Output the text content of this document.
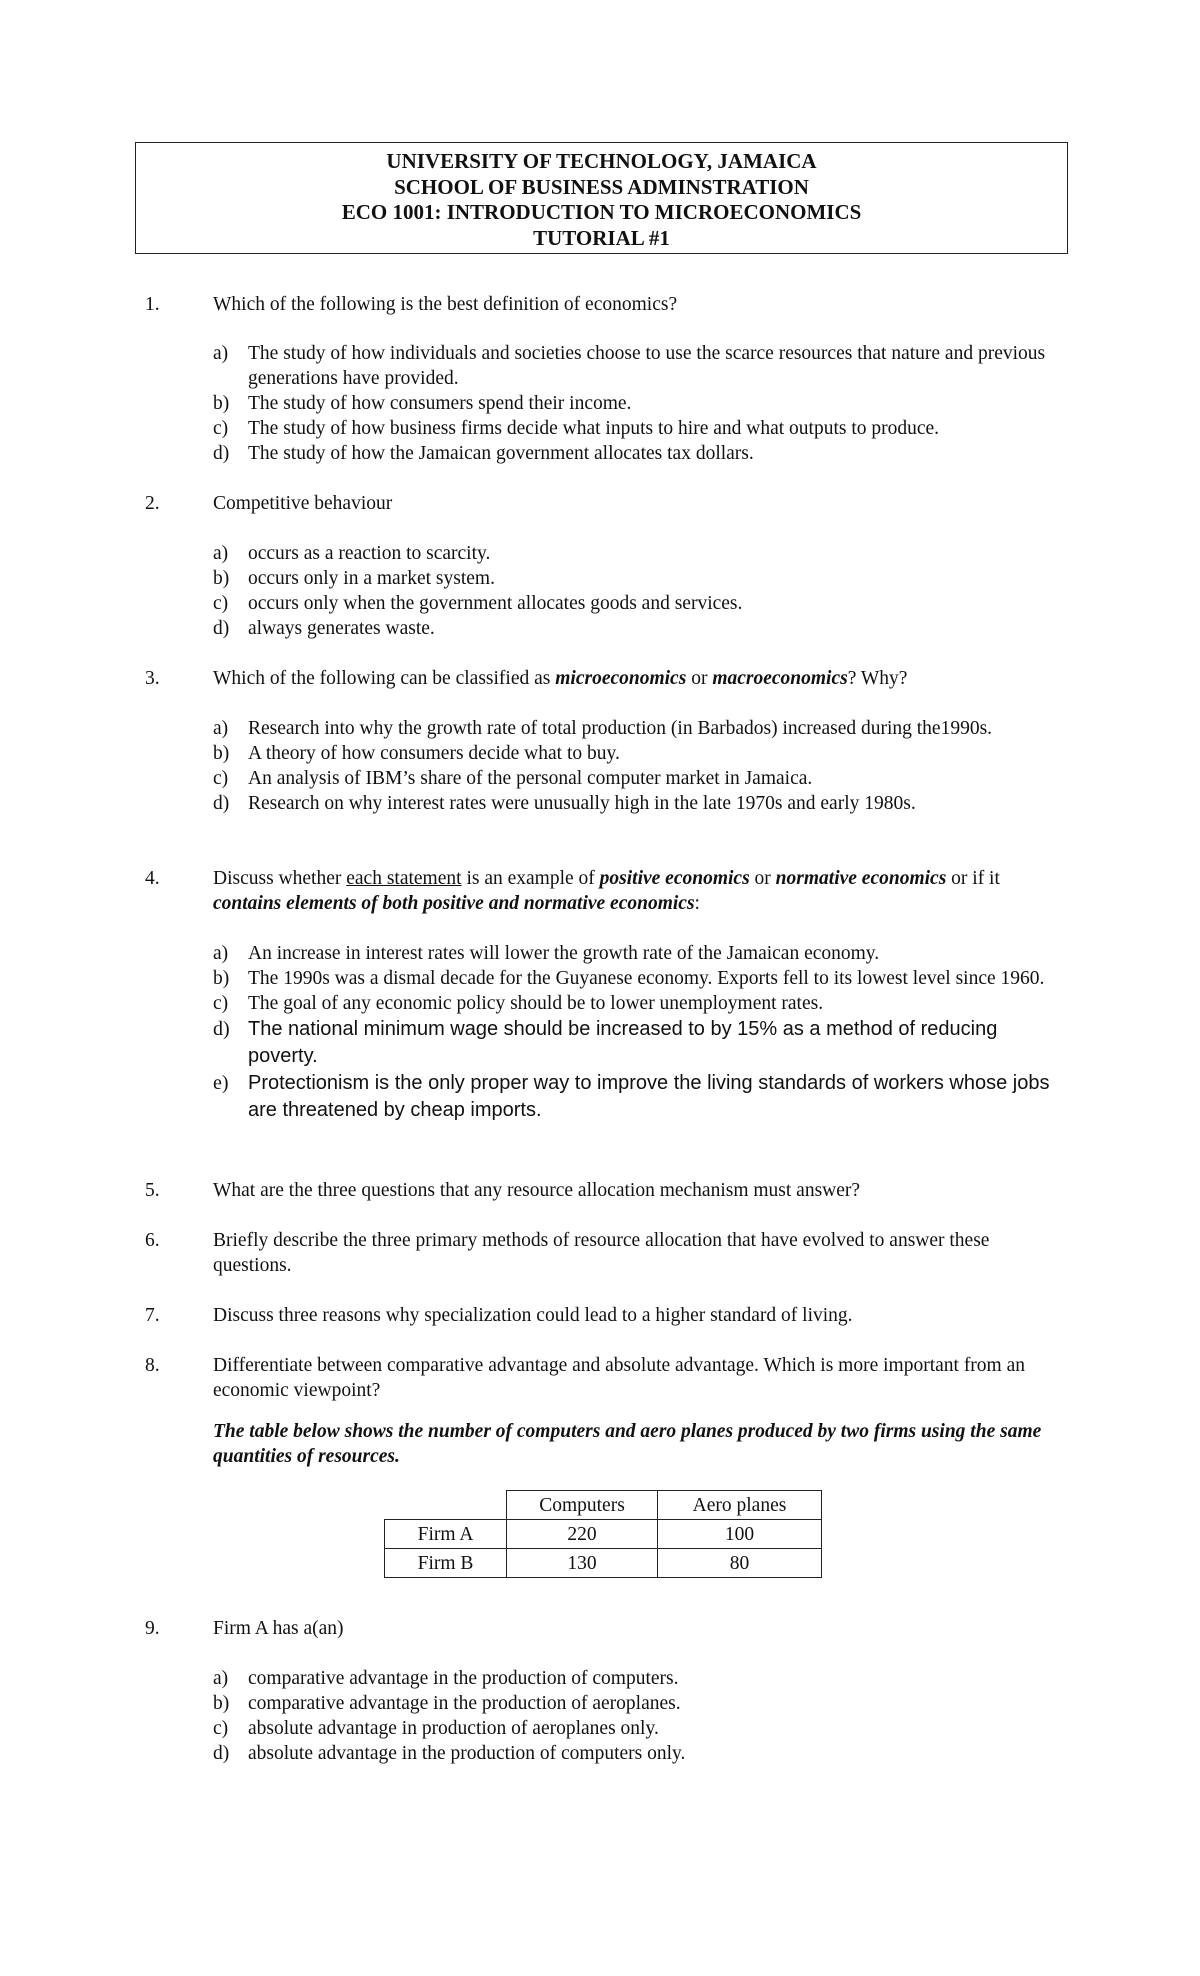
UNIVERSITY OF TECHNOLOGY, JAMAICA
SCHOOL OF BUSINESS ADMINSTRATION
ECO 1001: INTRODUCTION TO MICROECONOMICS
TUTORIAL #1
1.	Which of the following is the best definition of economics?

a) The study of how individuals and societies choose to use the scarce resources that nature and previous generations have provided.

b) The study of how consumers spend their income.

c) The study of how business firms decide what inputs to hire and what outputs to produce.

d) The study of how the Jamaican government allocates tax dollars.

2.	Competitive behaviour

a) occurs as a reaction to scarcity.

b) occurs only in a market system.

c) occurs only when the government allocates goods and services.

d) always generates waste.

3.	Which of the following can be classified as microeconomics or macroeconomics? Why?

a) Research into why the growth rate of total production (in Barbados) increased during the1990s.

b) A theory of how consumers decide what to buy.

c) An analysis of IBM’s share of the personal computer market in Jamaica.

d) Research on why interest rates were unusually high in the late 1970s and early 1980s.

4.	Discuss whether each statement is an example of positive economics or normative economics or if it contains elements of both positive and normative economics:

a) An increase in interest rates will lower the growth rate of the Jamaican economy.

b) The 1990s was a dismal decade for the Guyanese economy. Exports fell to its lowest level since 1960.

c) The goal of any economic policy should be to lower unemployment rates.

d) The national minimum wage should be increased to by 15% as a method of reducing poverty.

e) Protectionism is the only proper way to improve the living standards of workers whose jobs are threatened by cheap imports.

5.	What are the three questions that any resource allocation mechanism must answer?
6.	Briefly describe the three primary methods of resource allocation that have evolved to answer these questions.
7.	Discuss three reasons why specialization could lead to a higher standard of living.
8.	Differentiate between comparative advantage and absolute advantage. Which is more important from an economic viewpoint?
The table below shows the number of computers and aero planes produced by two firms using the same quantities of resources.
	Computers	Aero planes
Firm A	220	100
Firm B	130	80
9.	Firm A has a(an)

a) comparative advantage in the production of computers.

b) comparative advantage in the production of aeroplanes.

c) absolute advantage in production of aeroplanes only.

d) absolute advantage in the production of computers only.
